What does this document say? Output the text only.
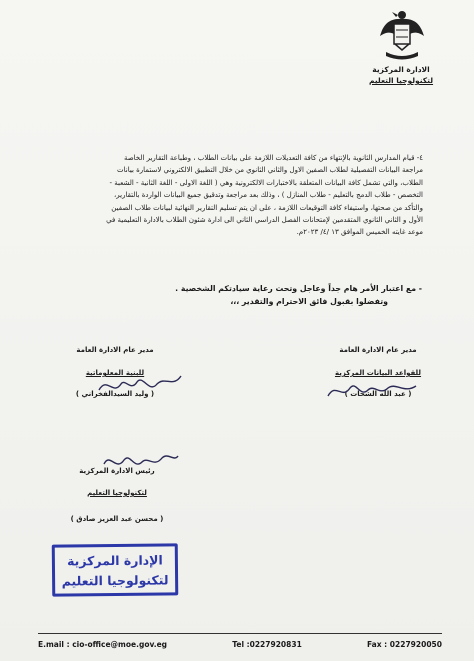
الادارة المركزية
لتكنولوجيا التعليم

٤- قيام المدارس الثانوية بالإنتهاء من كافة التعديلات اللازمة على بيانات الطلاب ، وطباعة التقارير الخاصة

مراجعة البيانات التفصيلية لطلاب الصفين الاول والثاني الثانوي من خلال التطبيق الالكتروني لاستمارة بيانات

الطلاب، والتي تشمل كافة البيانات المتعلقة بالاختبارات الالكترونية وهي ( اللغة الاولى - اللغة الثانية - الشعبة -

التخصص - طلاب الدمج بالتعليم - طلاب المنازل ) ، وذلك بعد مراجعة وتدقيق جميع البيانات الواردة بالتقارير،

والتأكد من صحتها، واستيفاء كافة التوقيعات اللازمة ، على ان يتم تسليم التقارير النهائية لبيانات طلاب الصفين

الأول و الثاني الثانوي المتقدمين لإمتحانات الفصل الدراسي الثاني الى ادارة شئون الطلاب بالادارة التعليمية في

موعد غايته الخميس الموافق ١٣ /٤/ ٢٠٢٣م.

- مع اعتبار الأمر هام جداً وعاجل وتحت رعاية سيادتكم الشخصية .
وتفضلوا بقبول فائق الاحترام والتقدير ،،،
مدير عام الادارة العامة
للقواعد البيانات المركزية
( عبد الله الشحات )
مدير عام الادارة العامة
للبنية المعلوماتية
( وليد السيدالفخراني )
رئيس الادارة المركزية
لتكنولوجيا التعليم
( محسن عبد العزيز صادق )
الإدارة المركزية
لتكنولوجيا التعليم
E.mail : cio-office@moe.gov.eg	Tel :0227920831	Fax : 0227920050
